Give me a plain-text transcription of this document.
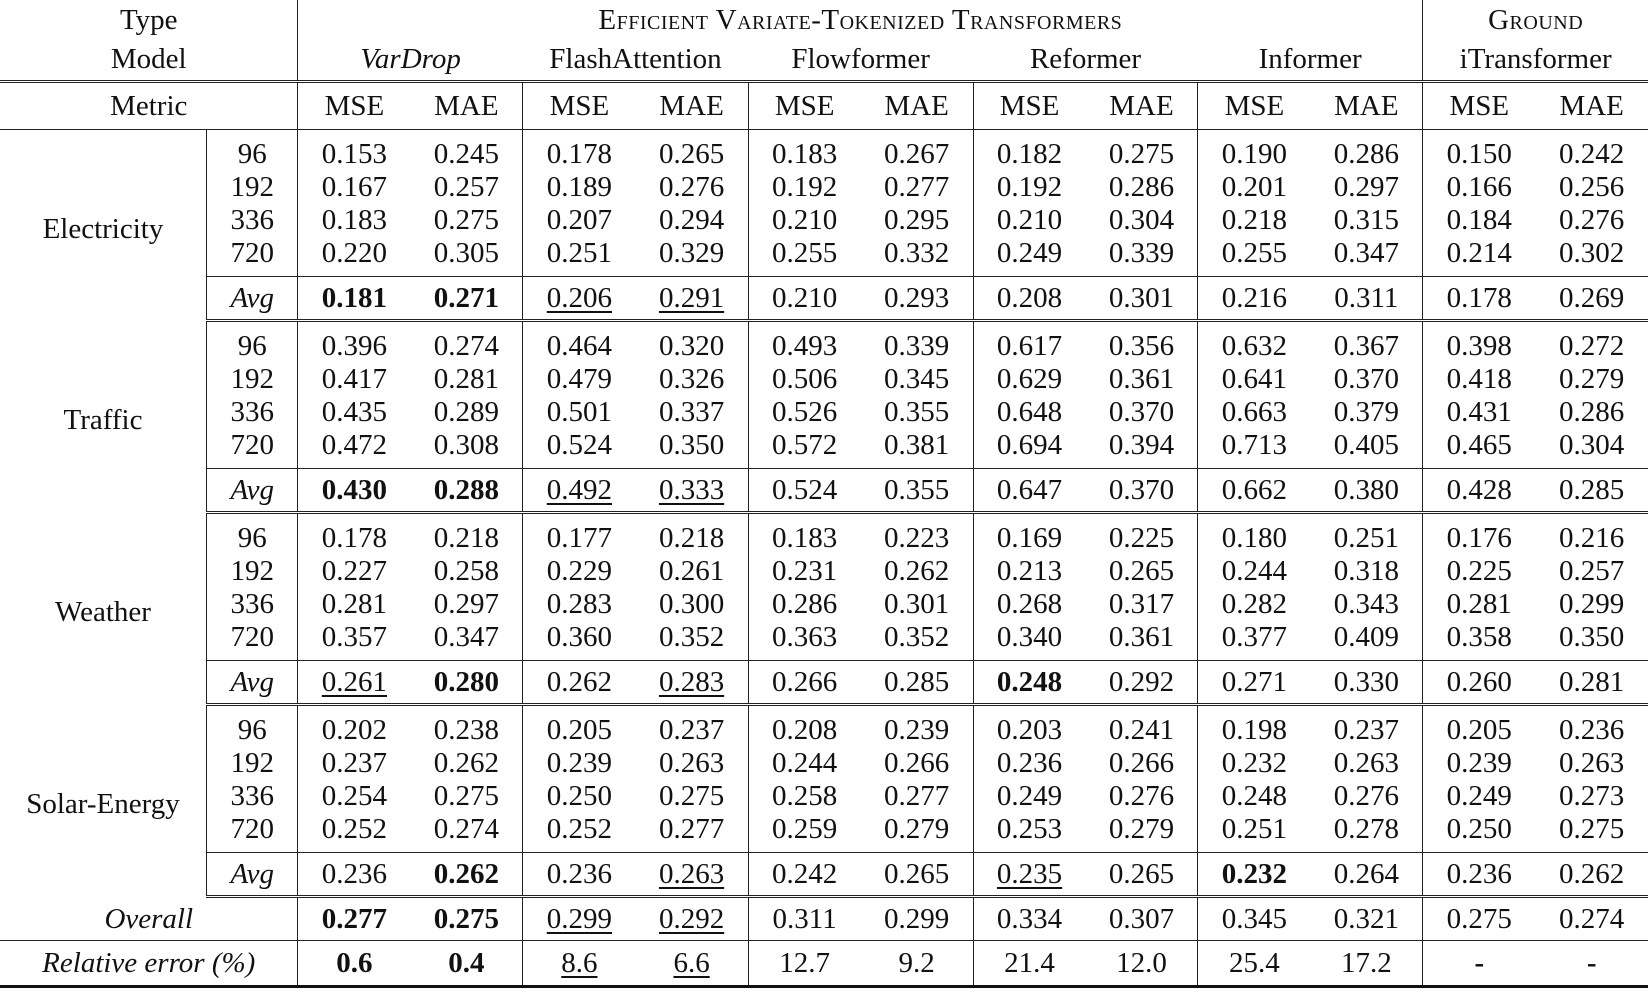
Type		Efficient Variate-Tokenized Transformers										Ground	
Model		VarDrop		FlashAttention		Flowformer		Reformer		Informer		iTransformer	
Metric		MSE	MAE	MSE	MAE	MSE	MAE	MSE	MAE	MSE	MAE	MSE	MAE
Electricity	96	0.153	0.245	0.178	0.265	0.183	0.267	0.182	0.275	0.190	0.286	0.150	0.242
	192	0.167	0.257	0.189	0.276	0.192	0.277	0.192	0.286	0.201	0.297	0.166	0.256
	336	0.183	0.275	0.207	0.294	0.210	0.295	0.210	0.304	0.218	0.315	0.184	0.276
	720	0.220	0.305	0.251	0.329	0.255	0.332	0.249	0.339	0.255	0.347	0.214	0.302
	Avg	0.181	0.271	0.206	0.291	0.210	0.293	0.208	0.301	0.216	0.311	0.178	0.269
Traffic	96	0.396	0.274	0.464	0.320	0.493	0.339	0.617	0.356	0.632	0.367	0.398	0.272
	192	0.417	0.281	0.479	0.326	0.506	0.345	0.629	0.361	0.641	0.370	0.418	0.279
	336	0.435	0.289	0.501	0.337	0.526	0.355	0.648	0.370	0.663	0.379	0.431	0.286
	720	0.472	0.308	0.524	0.350	0.572	0.381	0.694	0.394	0.713	0.405	0.465	0.304
	Avg	0.430	0.288	0.492	0.333	0.524	0.355	0.647	0.370	0.662	0.380	0.428	0.285
Weather	96	0.178	0.218	0.177	0.218	0.183	0.223	0.169	0.225	0.180	0.251	0.176	0.216
	192	0.227	0.258	0.229	0.261	0.231	0.262	0.213	0.265	0.244	0.318	0.225	0.257
	336	0.281	0.297	0.283	0.300	0.286	0.301	0.268	0.317	0.282	0.343	0.281	0.299
	720	0.357	0.347	0.360	0.352	0.363	0.352	0.340	0.361	0.377	0.409	0.358	0.350
	Avg	0.261	0.280	0.262	0.283	0.266	0.285	0.248	0.292	0.271	0.330	0.260	0.281
Solar-Energy	96	0.202	0.238	0.205	0.237	0.208	0.239	0.203	0.241	0.198	0.237	0.205	0.236
	192	0.237	0.262	0.239	0.263	0.244	0.266	0.236	0.266	0.232	0.263	0.239	0.263
	336	0.254	0.275	0.250	0.275	0.258	0.277	0.249	0.276	0.248	0.276	0.249	0.273
	720	0.252	0.274	0.252	0.277	0.259	0.279	0.253	0.279	0.251	0.278	0.250	0.275
	Avg	0.236	0.262	0.236	0.263	0.242	0.265	0.235	0.265	0.232	0.264	0.236	0.262
Overall		0.277	0.275	0.299	0.292	0.311	0.299	0.334	0.307	0.345	0.321	0.275	0.274
Relative error (%)		0.6	0.4	8.6	6.6	12.7	9.2	21.4	12.0	25.4	17.2	-	-
